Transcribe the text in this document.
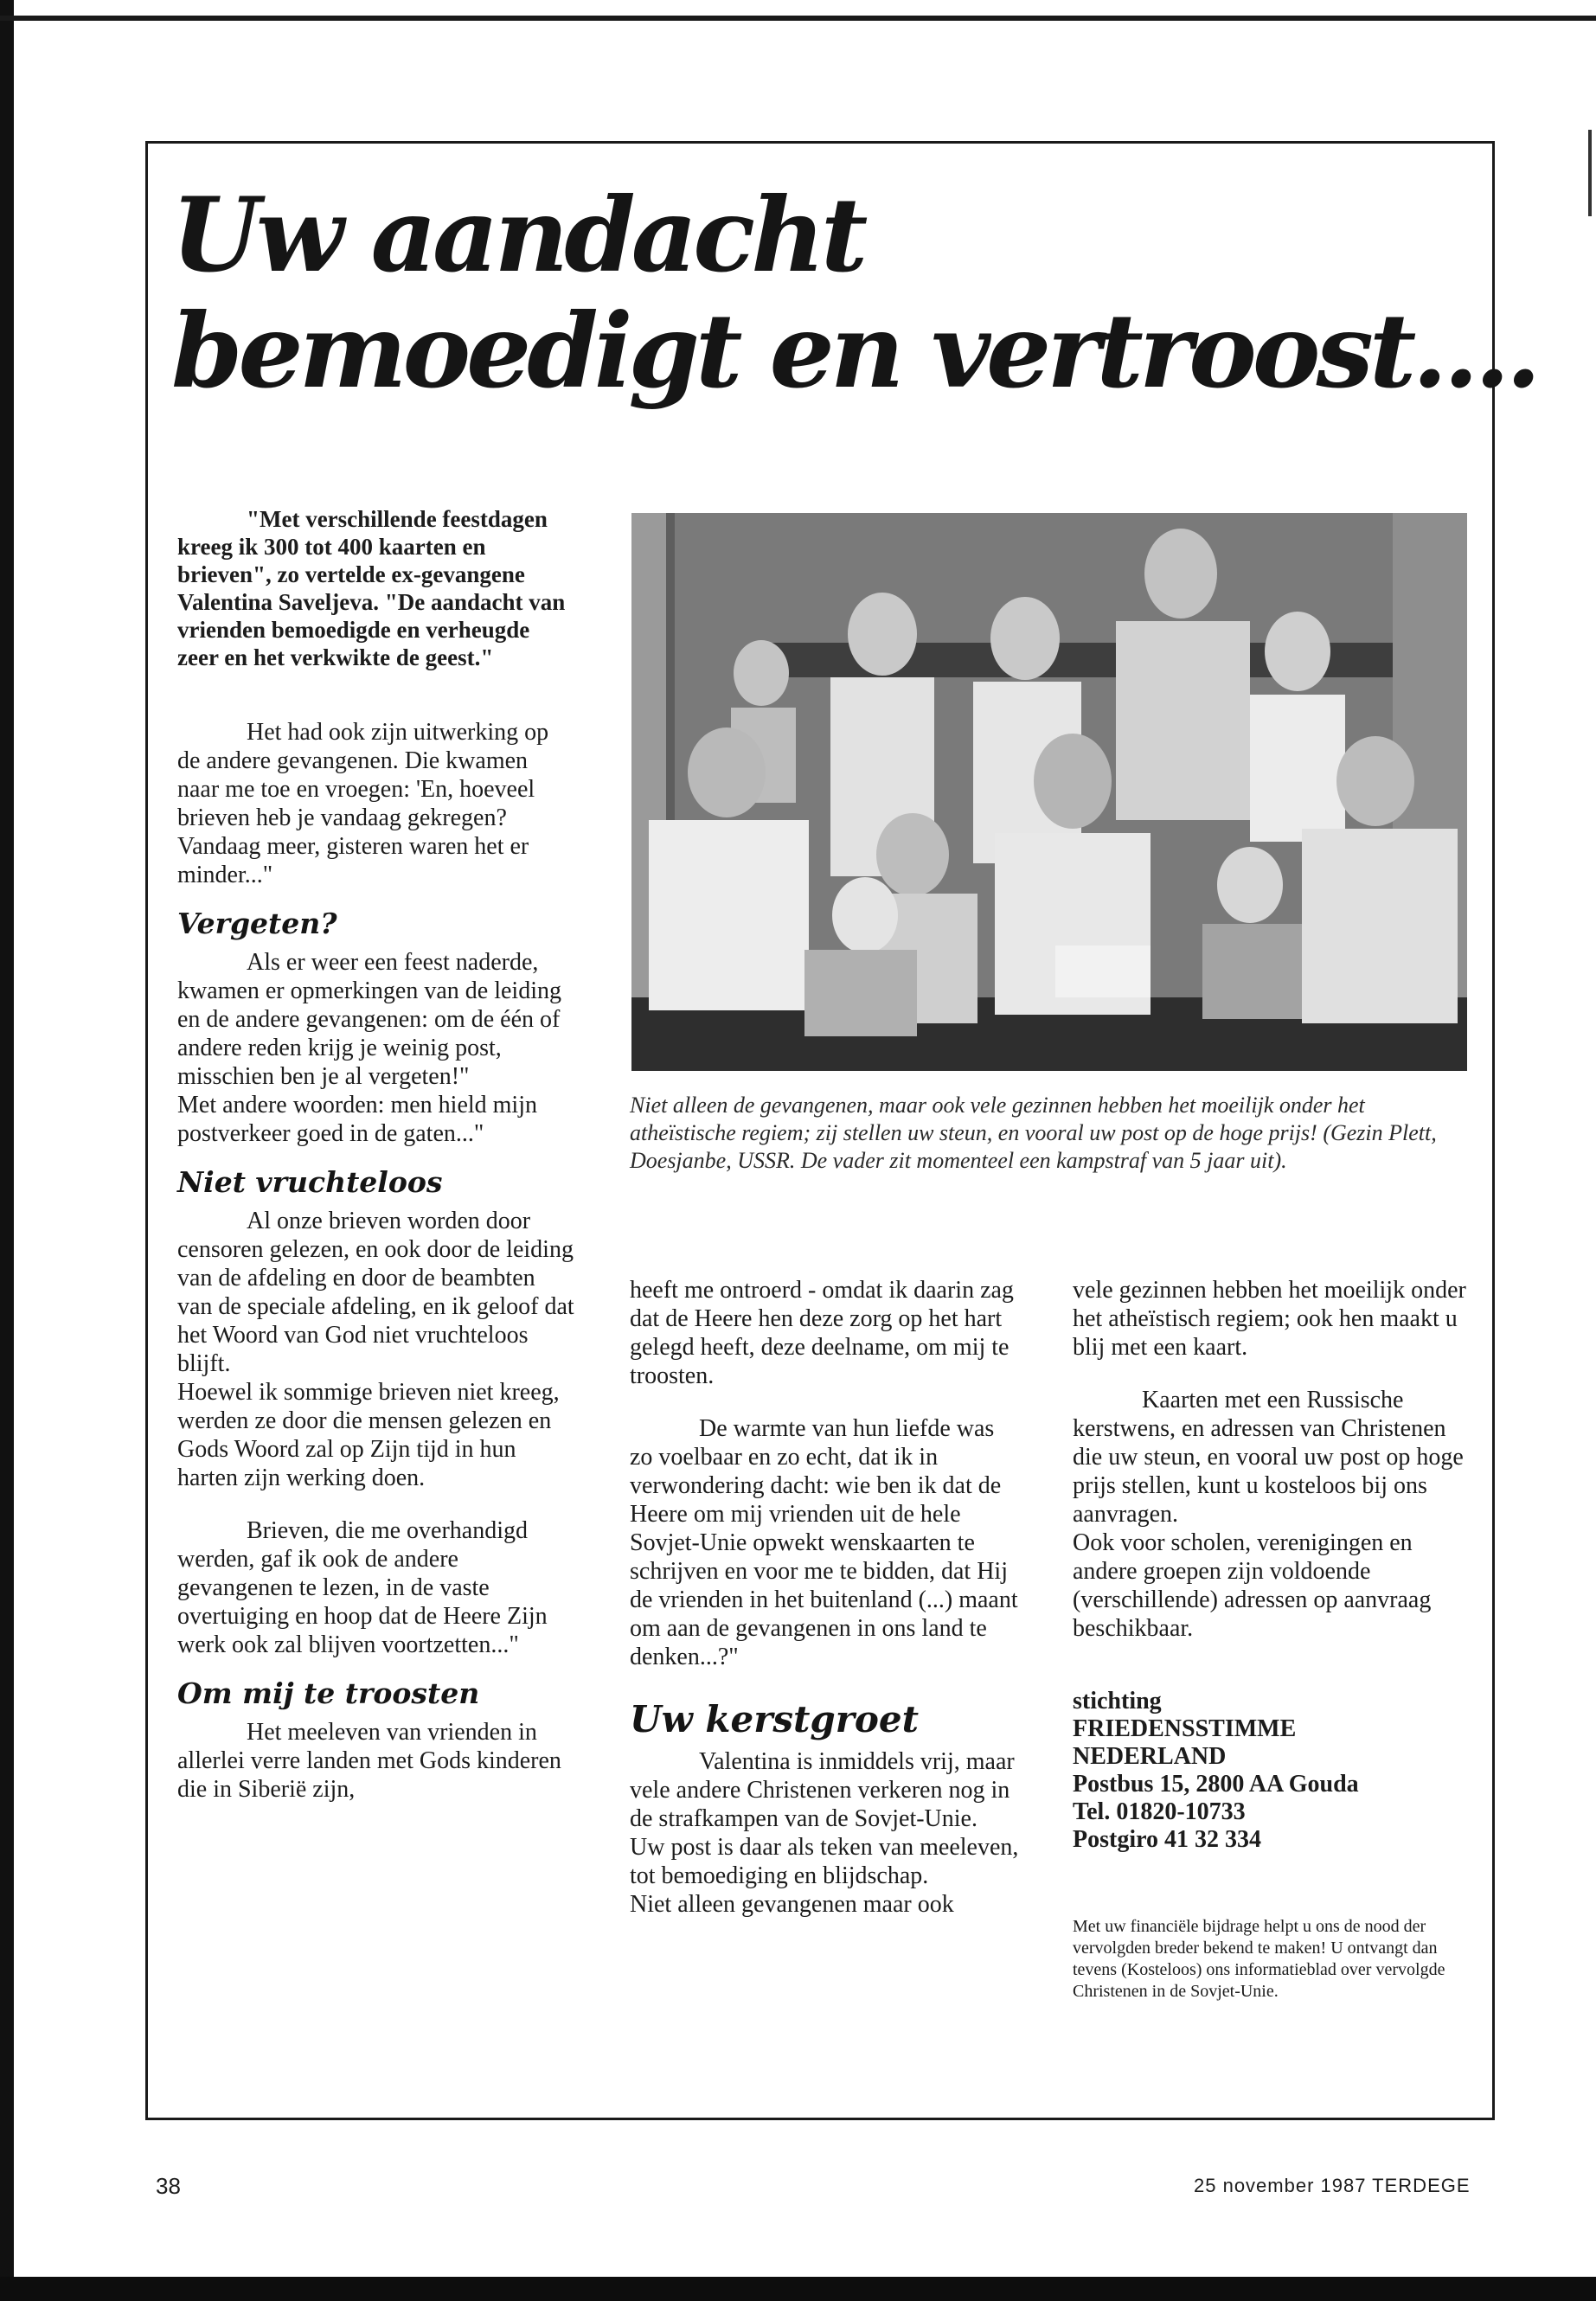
Uw aandacht
bemoedigt en vertroost....

"Met verschillende feestdagen kreeg ik 300 tot 400 kaarten en brieven", zo vertelde ex-gevangene Valentina Saveljeva. "De aandacht van vrienden bemoedigde en verheugde zeer en het verkwikte de geest."

Niet alleen de gevangenen, maar ook vele gezinnen hebben het moeilijk onder het atheïstische regiem; zij stellen uw steun, en vooral uw post op de hoge prijs! (Gezin Plett, Doesjanbe, USSR. De vader zit momenteel een kampstraf van 5 jaar uit).

Het had ook zijn uitwerking op de andere gevangenen. Die kwamen naar me toe en vroegen: 'En, hoeveel brieven heb je vandaag gekregen? Vandaag meer, gisteren waren het er minder..."

Vergeten?

Als er weer een feest naderde,

kwamen er opmerkingen van de leiding en de andere gevangenen: om de één of andere reden krijg je weinig post, misschien ben je al vergeten!"

Met andere woorden: men hield mijn postverkeer goed in de gaten..."

Niet vruchteloos

Al onze brieven worden door censoren gelezen, en ook door de leiding van de afdeling en door de beambten van de speciale afdeling, en ik geloof dat het Woord van God niet vruchteloos blijft.

Hoewel ik sommige brieven niet kreeg, werden ze door die mensen gelezen en Gods Woord zal op Zijn tijd in hun harten zijn werking doen.

Brieven, die me overhandigd werden, gaf ik ook de andere gevangenen te lezen, in de vaste overtuiging en hoop dat de Heere Zijn werk ook zal blijven voortzetten..."

Om mij te troosten

Het meeleven van vrienden in allerlei verre landen met Gods kinderen die in Siberië zijn,

heeft me ontroerd - omdat ik daarin zag dat de Heere hen deze zorg op het hart gelegd heeft, deze deelname, om mij te troosten.

De warmte van hun liefde was zo voelbaar en zo echt, dat ik in verwondering dacht: wie ben ik dat de Heere om mij vrienden uit de hele Sovjet-Unie opwekt wenskaarten te schrijven en voor me te bidden, dat Hij de vrienden in het buitenland (...) maant om aan de gevangenen in ons land te denken...?"

Uw kerstgroet

Valentina is inmiddels vrij, maar vele andere Christenen verkeren nog in de strafkampen van de Sovjet-Unie.

Uw post is daar als teken van meeleven, tot bemoediging en blijdschap.

Niet alleen gevangenen maar ook

vele gezinnen hebben het moeilijk onder het atheïstisch regiem; ook hen maakt u blij met een kaart.

Kaarten met een Russische kerstwens, en adressen van Christenen die uw steun, en vooral uw post op hoge prijs stellen, kunt u kosteloos bij ons aanvragen.

Ook voor scholen, verenigingen en andere groepen zijn voldoende (verschillende) adressen op aanvraag beschikbaar.

stichting
FRIEDENSSTIMME
NEDERLAND
Postbus 15, 2800 AA Gouda
Tel. 01820-10733
Postgiro 41 32 334

Met uw financiële bijdrage helpt u ons de nood der vervolgden breder bekend te maken! U ontvangt dan tevens (Kosteloos) ons informatieblad over vervolgde Christenen in de Sovjet-Unie.

38	25 november 1987 TERDEGE
